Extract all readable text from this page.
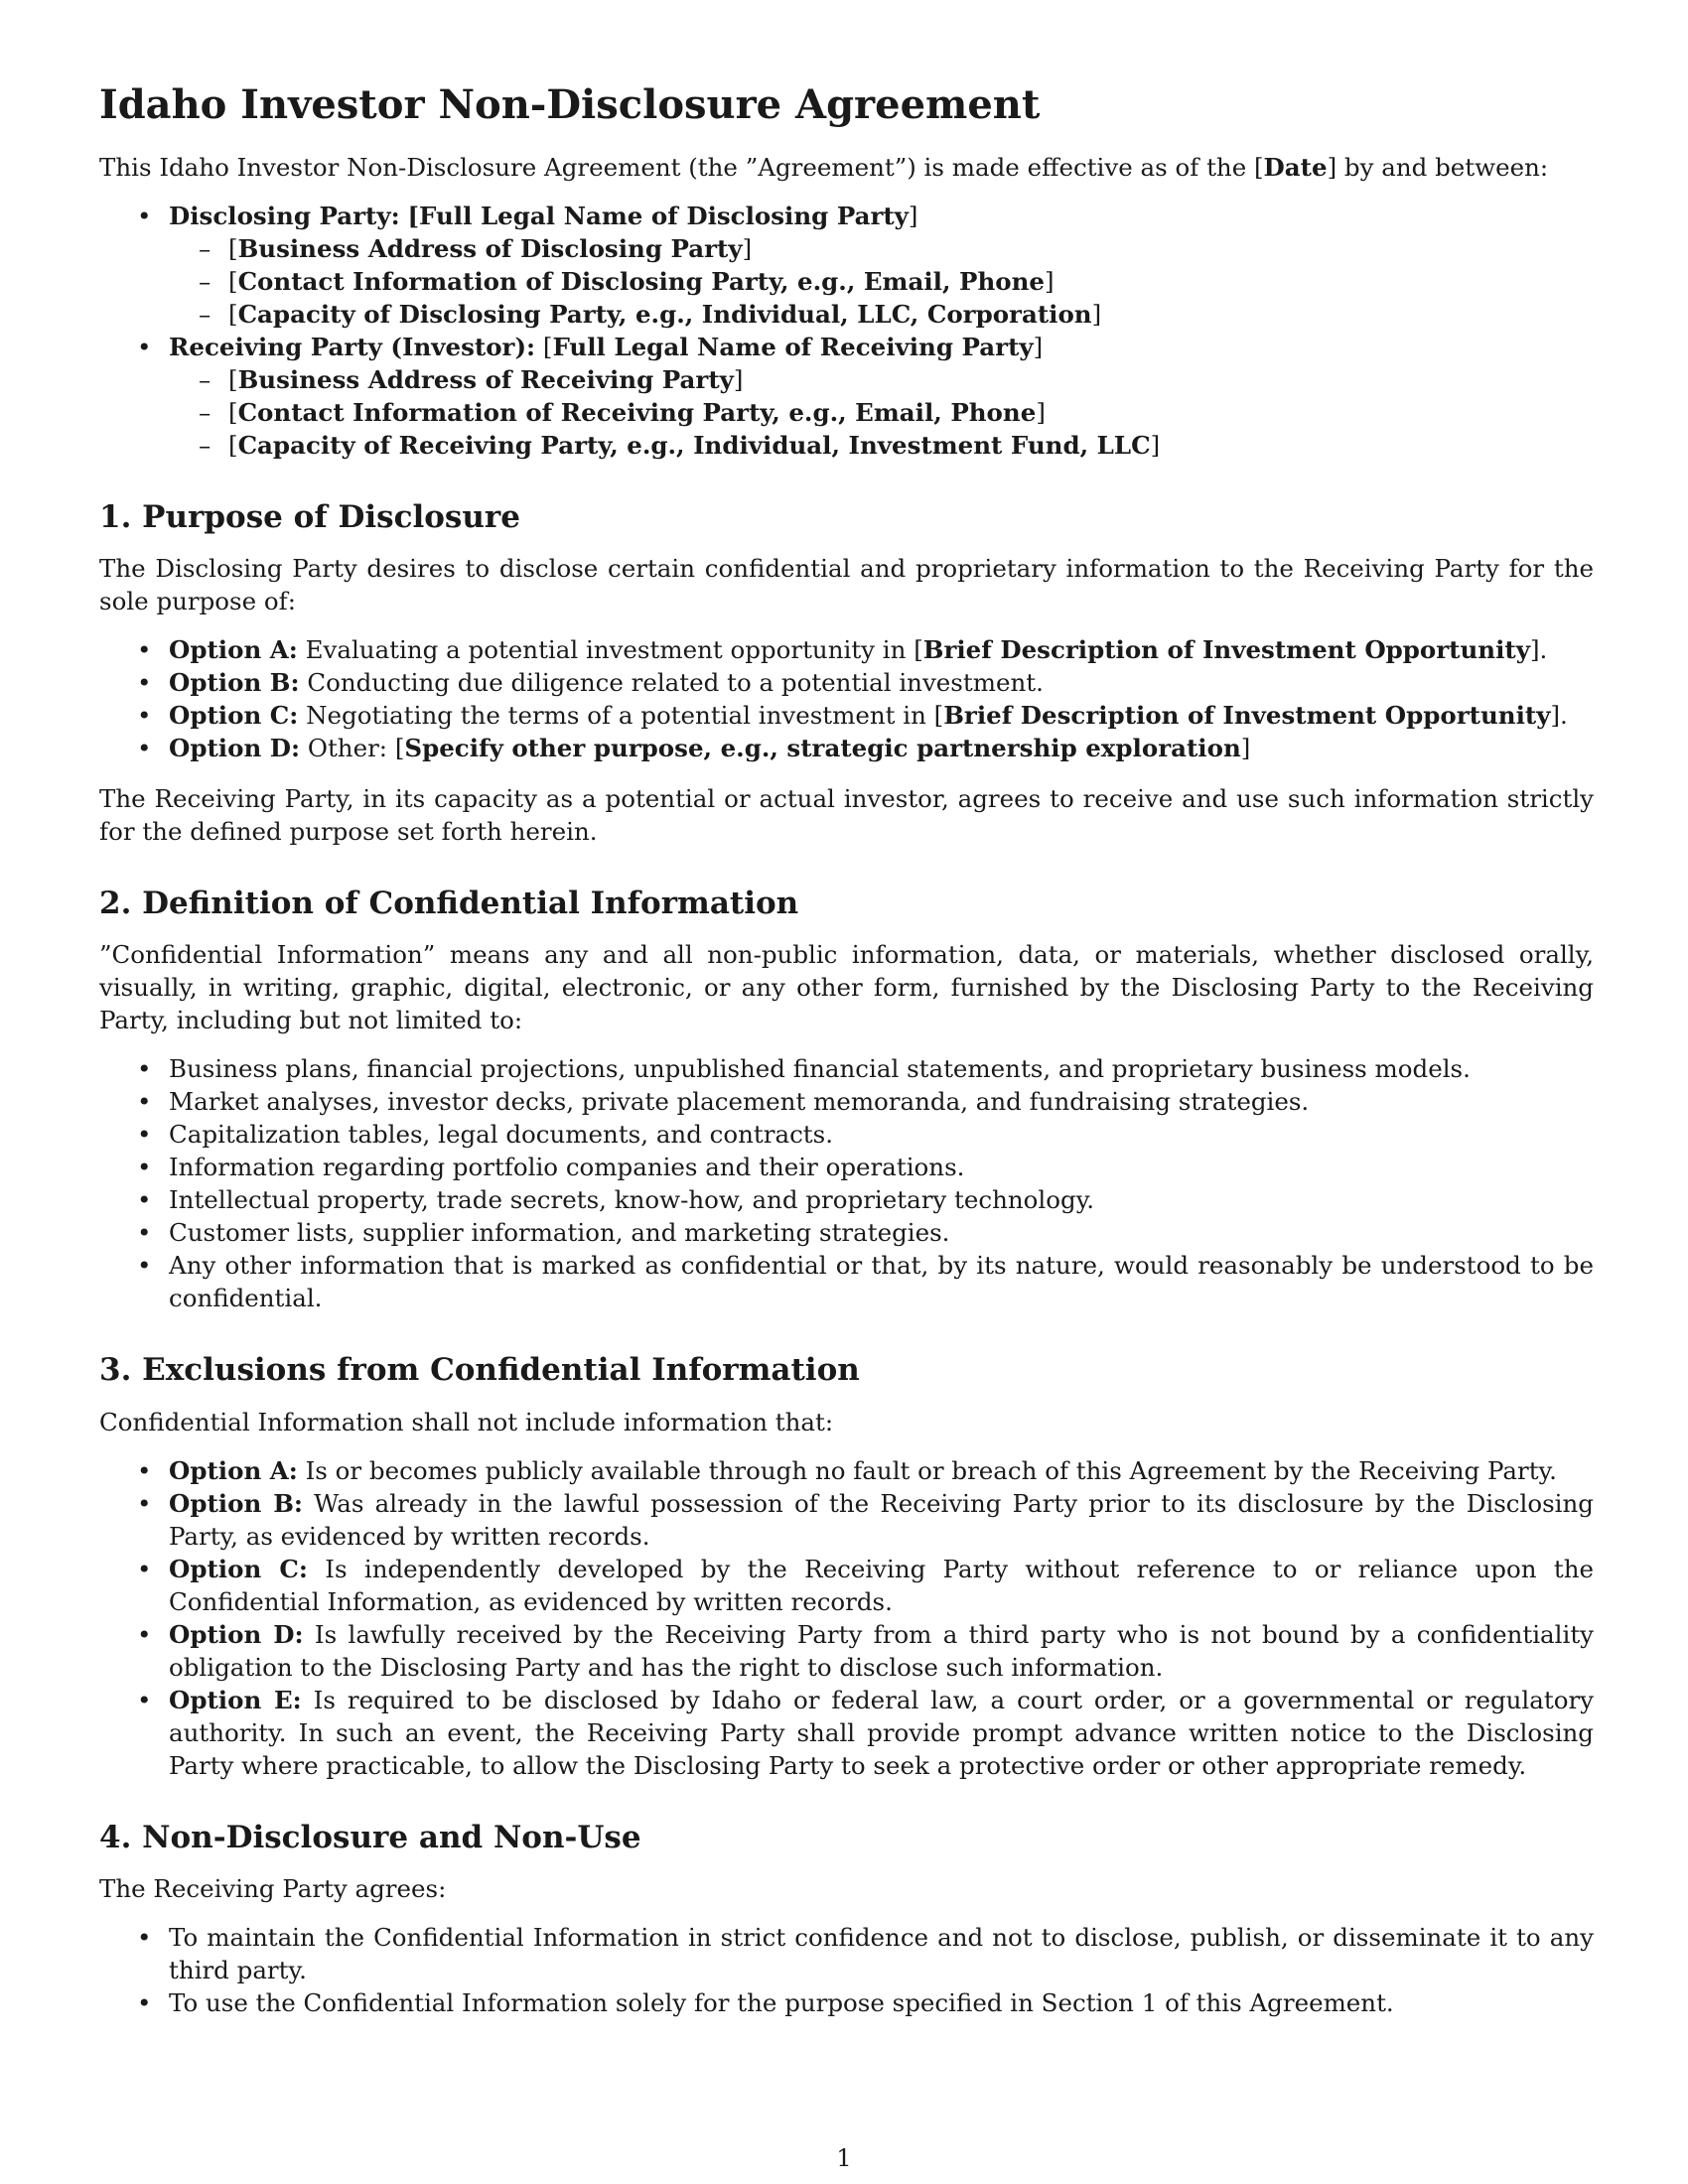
Idaho Investor Non-Disclosure Agreement

This Idaho Investor Non-Disclosure Agreement (the ”Agreement”) is made effective as of the [Date] by and between:

• Disclosing Party: [Full Legal Name of Disclosing Party]
– [Business Address of Disclosing Party]
– [Contact Information of Disclosing Party, e.g., Email, Phone]
– [Capacity of Disclosing Party, e.g., Individual, LLC, Corporation]
• Receiving Party (Investor): [Full Legal Name of Receiving Party]
– [Business Address of Receiving Party]
– [Contact Information of Receiving Party, e.g., Email, Phone]
– [Capacity of Receiving Party, e.g., Individual, Investment Fund, LLC]
1. Purpose of Disclosure

The Disclosing Party desires to disclose certain confidential and proprietary information to the Receiving Party for the sole purpose of:

• Option A: Evaluating a potential investment opportunity in [Brief Description of Investment Opportunity].
• Option B: Conducting due diligence related to a potential investment.
• Option C: Negotiating the terms of a potential investment in [Brief Description of Investment Opportunity].
• Option D: Other: [Specify other purpose, e.g., strategic partnership exploration]

The Receiving Party, in its capacity as a potential or actual investor, agrees to receive and use such information strictly for the defined purpose set forth herein.

2. Definition of Confidential Information

”Confidential Information” means any and all non-public information, data, or materials, whether disclosed orally, visually, in writing, graphic, digital, electronic, or any other form, furnished by the Disclosing Party to the Receiving Party, including but not limited to:

• Business plans, financial projections, unpublished financial statements, and proprietary business models.
• Market analyses, investor decks, private placement memoranda, and fundraising strategies.
• Capitalization tables, legal documents, and contracts.
• Information regarding portfolio companies and their operations.
• Intellectual property, trade secrets, know-how, and proprietary technology.
• Customer lists, supplier information, and marketing strategies.
• Any other information that is marked as confidential or that, by its nature, would reasonably be understood to be confidential.
3. Exclusions from Confidential Information

Confidential Information shall not include information that:

• Option A: Is or becomes publicly available through no fault or breach of this Agreement by the Receiving Party.
• Option B: Was already in the lawful possession of the Receiving Party prior to its disclosure by the Disclosing Party, as evidenced by written records.
• Option C: Is independently developed by the Receiving Party without reference to or reliance upon the Confidential Information, as evidenced by written records.
• Option D: Is lawfully received by the Receiving Party from a third party who is not bound by a confidentiality obligation to the Disclosing Party and has the right to disclose such information.
• Option E: Is required to be disclosed by Idaho or federal law, a court order, or a governmental or regulatory authority. In such an event, the Receiving Party shall provide prompt advance written notice to the Disclosing Party where practicable, to allow the Disclosing Party to seek a protective order or other appropriate remedy.
4. Non-Disclosure and Non-Use

The Receiving Party agrees:

• To maintain the Confidential Information in strict confidence and not to disclose, publish, or disseminate it to any third party.
• To use the Confidential Information solely for the purpose specified in Section 1 of this Agreement.
1
